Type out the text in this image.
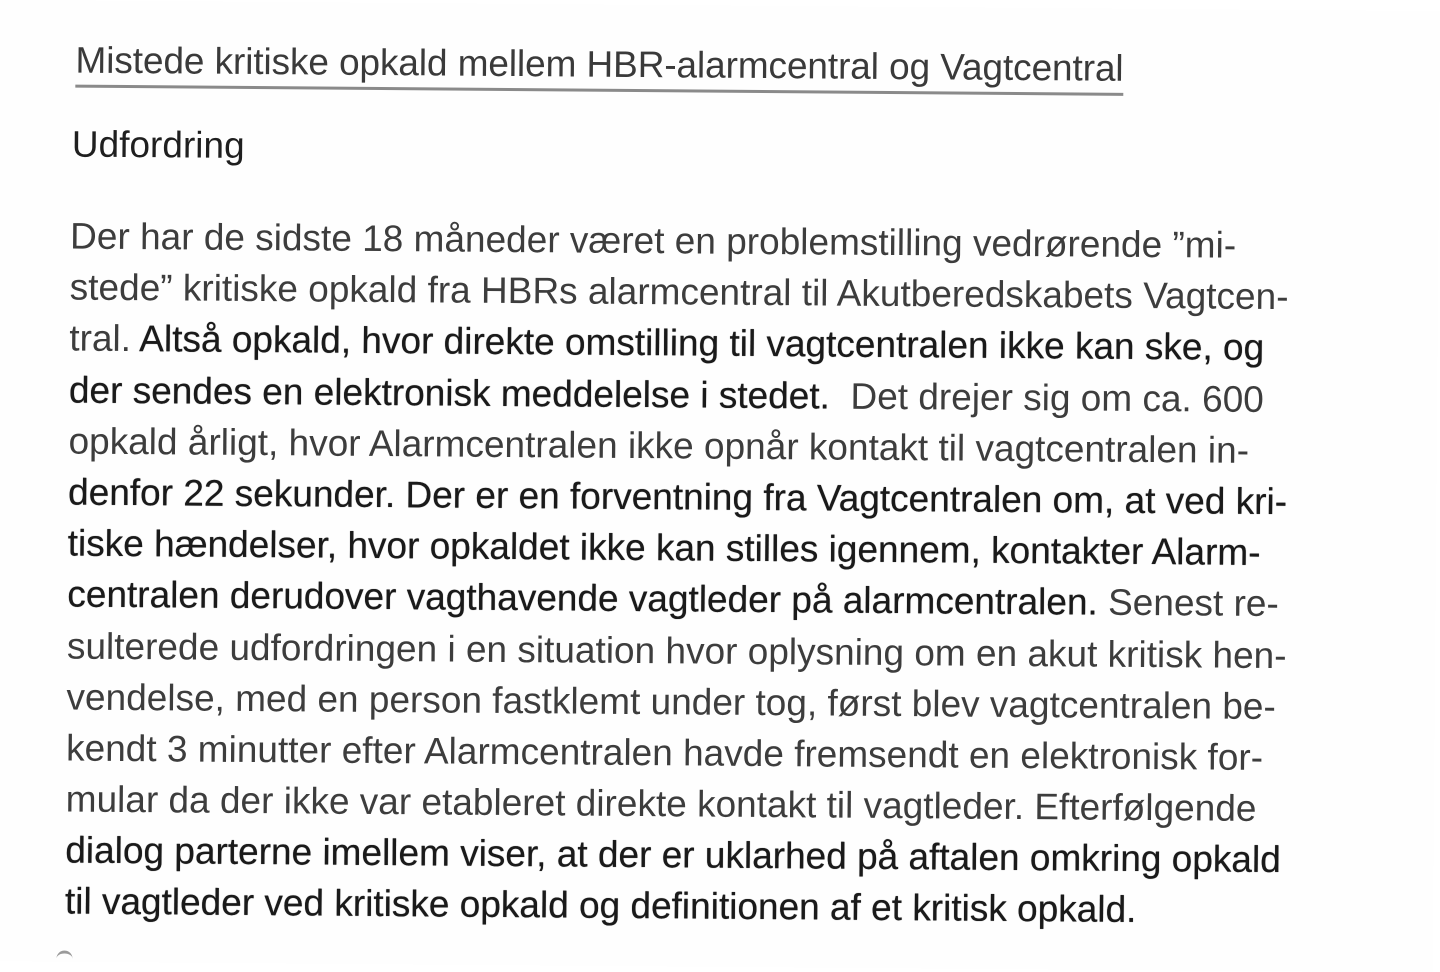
Mistede kritiske opkald mellem HBR-alarmcentral og Vagtcentral
Udfordring
Der har de sidste 18 måneder været en problemstilling vedrørende ”mi-
stede” kritiske opkald fra HBRs alarmcentral til Akutberedskabets Vagtcen-
tral. Altså opkald, hvor direkte omstilling til vagtcentralen ikke kan ske, og
der sendes en elektronisk meddelelse i stedet.  Det drejer sig om ca. 600
opkald årligt, hvor Alarmcentralen ikke opnår kontakt til vagtcentralen in-
denfor 22 sekunder. Der er en forventning fra Vagtcentralen om, at ved kri-
tiske hændelser, hvor opkaldet ikke kan stilles igennem, kontakter Alarm-
centralen derudover vagthavende vagtleder på alarmcentralen. Senest re-
sulterede udfordringen i en situation hvor oplysning om en akut kritisk hen-
vendelse, med en person fastklemt under tog, først blev vagtcentralen be-
kendt 3 minutter efter Alarmcentralen havde fremsendt en elektronisk for-
mular da der ikke var etableret direkte kontakt til vagtleder. Efterfølgende
dialog parterne imellem viser, at der er uklarhed på aftalen omkring opkald
til vagtleder ved kritiske opkald og definitionen af et kritisk opkald.
